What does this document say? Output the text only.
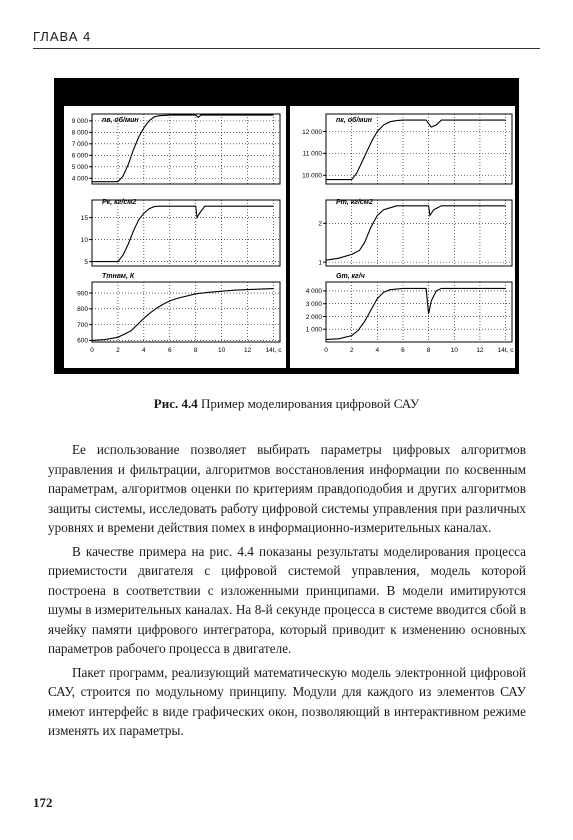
ГЛАВА 4
9 000
8 000
7 000
6 000
5 000
4 000
nв, об/мин
15
10
5
Pк, кг/см2
900
800
700
600
0	2	4	6	8	10	12 14t, c
Tтнвм, К
12 000
11 000
10 000
nк, об/мин
2
1
Pт, кг/см2
4 000
3 000
2 000
1 000
0	2	4	6	8	10	12 14t, c
Gт, кг/ч
Рис. 4.4 Пример моделирования цифровой САУ

Ее использование позволяет выбирать параметры цифровых алгоритмов управления и фильтрации, алгоритмов восстановления информации по косвенным параметрам, алгоритмов оценки по критериям правдоподобия и других алгоритмов защиты системы, исследовать работу цифровой системы управления при различных уровнях и времени действия помех в информационно-измерительных каналах.

В качестве примера на рис. 4.4 показаны результаты моделирования процесса приемистости двигателя с цифровой системой управления, модель которой построена в соответствии с изложенными принципами. В модели имитируются шумы в измерительных каналах. На 8-й секунде процесса в системе вводится сбой в ячейку памяти цифрового интегратора, который приводит к изменению основных параметров рабочего процесса в двигателе.

Пакет программ, реализующий математическую модель электронной цифровой САУ, строится по модульному принципу. Модули для каждого из элементов САУ имеют интерфейс в виде графических окон, позволяющий в интерактивном режиме изменять их параметры.

172
